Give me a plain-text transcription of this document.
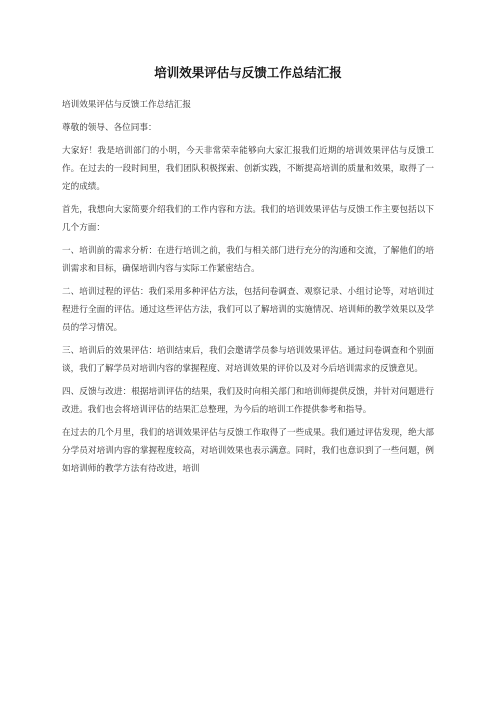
培训效果评估与反馈工作总结汇报

培训效果评估与反馈工作总结汇报

尊敬的领导、各位同事：

大家好！我是培训部门的小明，今天非常荣幸能够向大家汇报我们近期的培训效果评估与反馈工作。在过去的一段时间里，我们团队积极探索、创新实践，不断提高培训的质量和效果，取得了一定的成绩。

首先，我想向大家简要介绍我们的工作内容和方法。我们的培训效果评估与反馈工作主要包括以下几个方面：

一、培训前的需求分析：在进行培训之前，我们与相关部门进行充分的沟通和交流，了解他们的培训需求和目标，确保培训内容与实际工作紧密结合。

二、培训过程的评估：我们采用多种评估方法，包括问卷调查、观察记录、小组讨论等，对培训过程进行全面的评估。通过这些评估方法，我们可以了解培训的实施情况、培训师的教学效果以及学员的学习情况。

三、培训后的效果评估：培训结束后，我们会邀请学员参与培训效果评估。通过问卷调查和个别面谈，我们了解学员对培训内容的掌握程度、对培训效果的评价以及对今后培训需求的反馈意见。

四、反馈与改进：根据培训评估的结果，我们及时向相关部门和培训师提供反馈，并针对问题进行改进。我们也会将培训评估的结果汇总整理，为今后的培训工作提供参考和指导。

在过去的几个月里，我们的培训效果评估与反馈工作取得了一些成果。我们通过评估发现，绝大部分学员对培训内容的掌握程度较高，对培训效果也表示满意。同时，我们也意识到了一些问题，例如培训师的教学方法有待改进，培训
